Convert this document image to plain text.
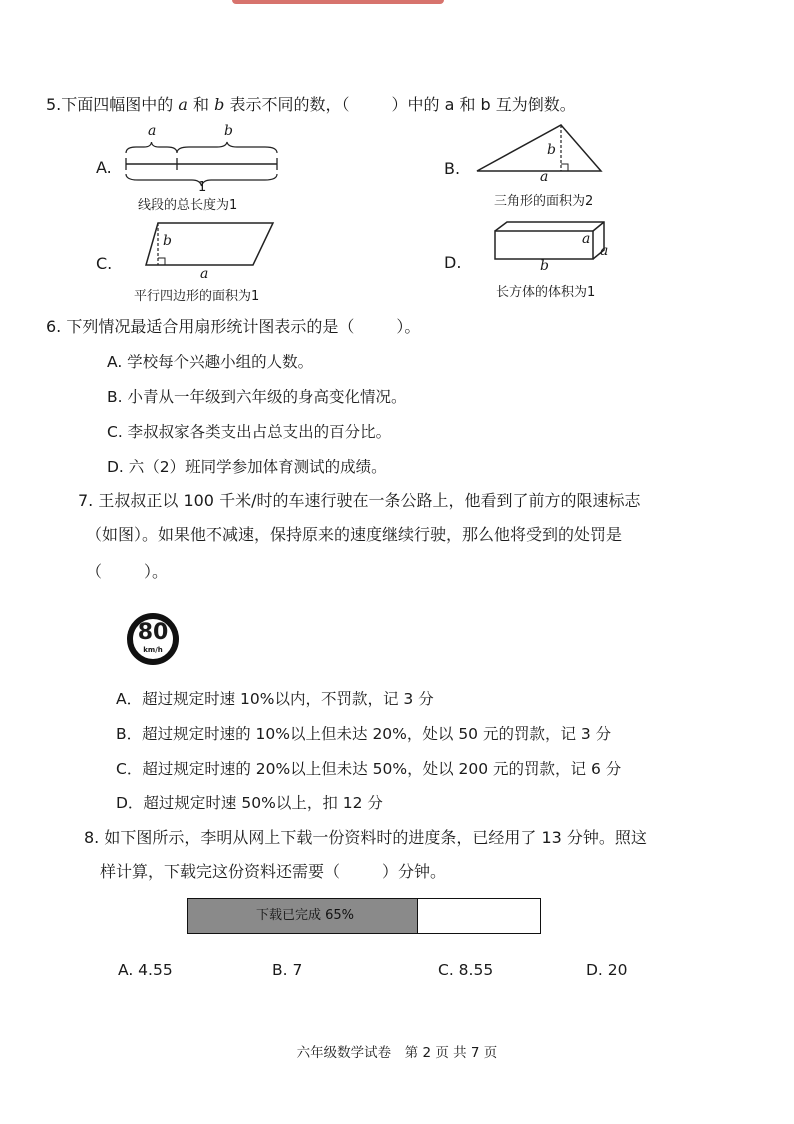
5.下面四幅图中的 a 和 b 表示不同的数，（	）中的 a 和 b 互为倒数。
A.
a	b
1
线段的总长度为1
B.
b
a
三角形的面积为2
C.
b
a
平行四边形的面积为1
D.
a
a
b
长方体的体积为1
6. 下列情况最适合用扇形统计图表示的是（	）。
A. 学校每个兴趣小组的人数。
B. 小青从一年级到六年级的身高变化情况。
C. 李叔叔家各类支出占总支出的百分比。
D. 六（2）班同学参加体育测试的成绩。
7. 王叔叔正以 100 千米/时的车速行驶在一条公路上，他看到了前方的限速标志
（如图）。如果他不减速，保持原来的速度继续行驶，那么他将受到的处罚是
（	）。
80
km/h
A．超过规定时速 10%以内，不罚款，记 3 分
B．超过规定时速的 10%以上但未达 20%，处以 50 元的罚款，记 3 分
C．超过规定时速的 20%以上但未达 50%，处以 200 元的罚款，记 6 分
D．超过规定时速 50%以上，扣 12 分
8. 如下图所示，李明从网上下载一份资料时的进度条，已经用了 13 分钟。照这
样计算，下载完这份资料还需要（	）分钟。
下载已完成 65%
A. 4.55	B. 7	C. 8.55	D. 20
六年级数学试卷　第 2 页 共 7 页
